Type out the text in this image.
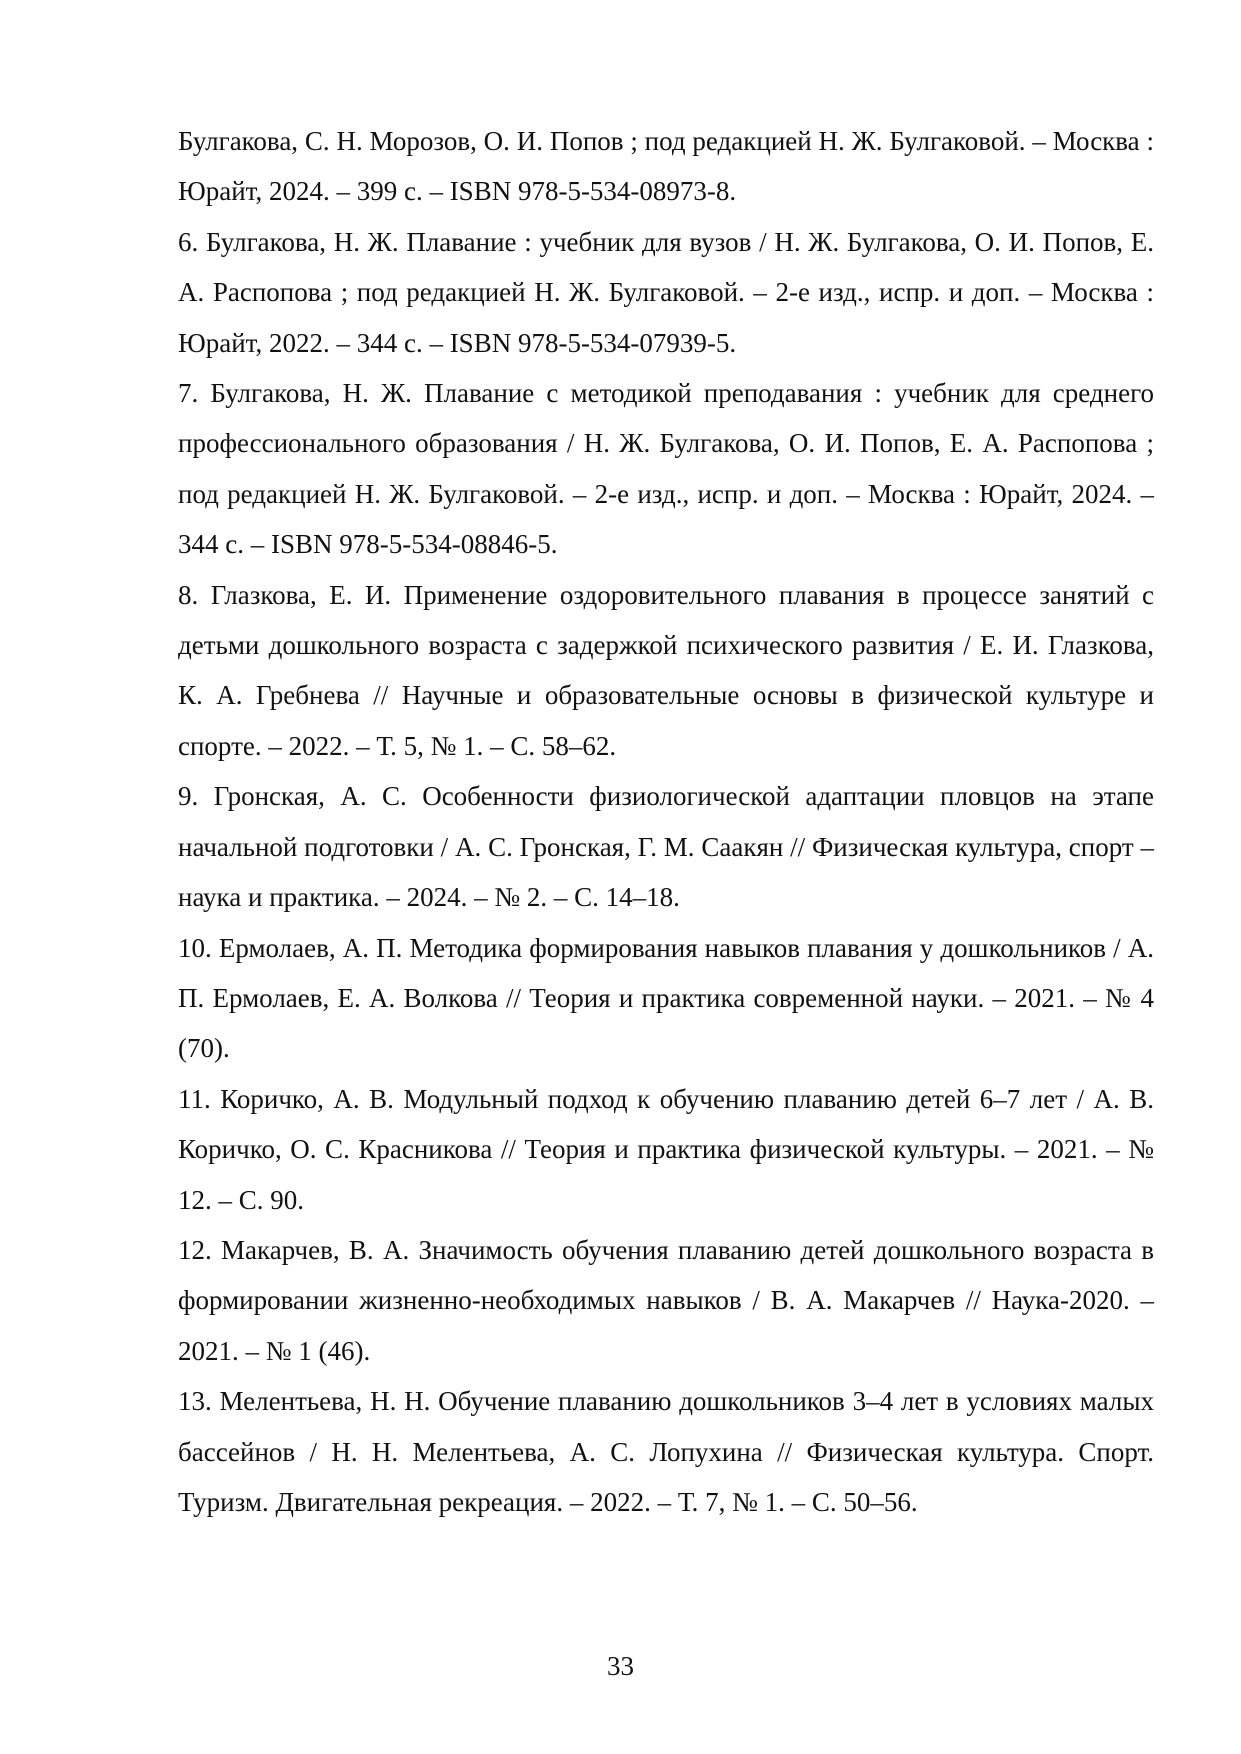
Булгакова, С. Н. Морозов, О. И. Попов ; под редакцией Н. Ж. Булгаковой. – Москва : Юрайт, 2024. – 399 с. – ISBN 978-5-534-08973-8.

6. Булгакова, Н. Ж. Плавание : учебник для вузов / Н. Ж. Булгакова, О. И. Попов, Е. А. Распопова ; под редакцией Н. Ж. Булгаковой. – 2-е изд., испр. и доп. – Москва : Юрайт, 2022. – 344 с. – ISBN 978-5-534-07939-5.

7. Булгакова, Н. Ж. Плавание с методикой преподавания : учебник для среднего профессионального образования / Н. Ж. Булгакова, О. И. Попов, Е. А. Распопова ; под редакцией Н. Ж. Булгаковой. – 2-е изд., испр. и доп. – Москва : Юрайт, 2024. – 344 с. – ISBN 978-5-534-08846-5.

8. Глазкова, Е. И. Применение оздоровительного плавания в процессе занятий с детьми дошкольного возраста с задержкой психического развития / Е. И. Глазкова, К. А. Гребнева // Научные и образовательные основы в физической культуре и спорте. – 2022. – Т. 5, № 1. – С. 58–62.

9. Гронская, А. С. Особенности физиологической адаптации пловцов на этапе начальной подготовки / А. С. Гронская, Г. М. Саакян // Физическая культура, спорт – наука и практика. – 2024. – № 2. – С. 14–18.

10. Ермолаев, А. П. Методика формирования навыков плавания у дошкольников / А. П. Ермолаев, Е. А. Волкова // Теория и практика современной науки. – 2021. – № 4 (70).

11. Коричко, А. В. Модульный подход к обучению плаванию детей 6–7 лет / А. В. Коричко, О. С. Красникова // Теория и практика физической культуры. – 2021. – № 12. – С. 90.

12. Макарчев, В. А. Значимость обучения плаванию детей дошкольного возраста в формировании жизненно-необходимых навыков / В. А. Макарчев // Наука-2020. – 2021. – № 1 (46).

13. Мелентьева, Н. Н. Обучение плаванию дошкольников 3–4 лет в условиях малых бассейнов / Н. Н. Мелентьева, А. С. Лопухина // Физическая культура. Спорт. Туризм. Двигательная рекреация. – 2022. – Т. 7, № 1. – С. 50–56.

33
